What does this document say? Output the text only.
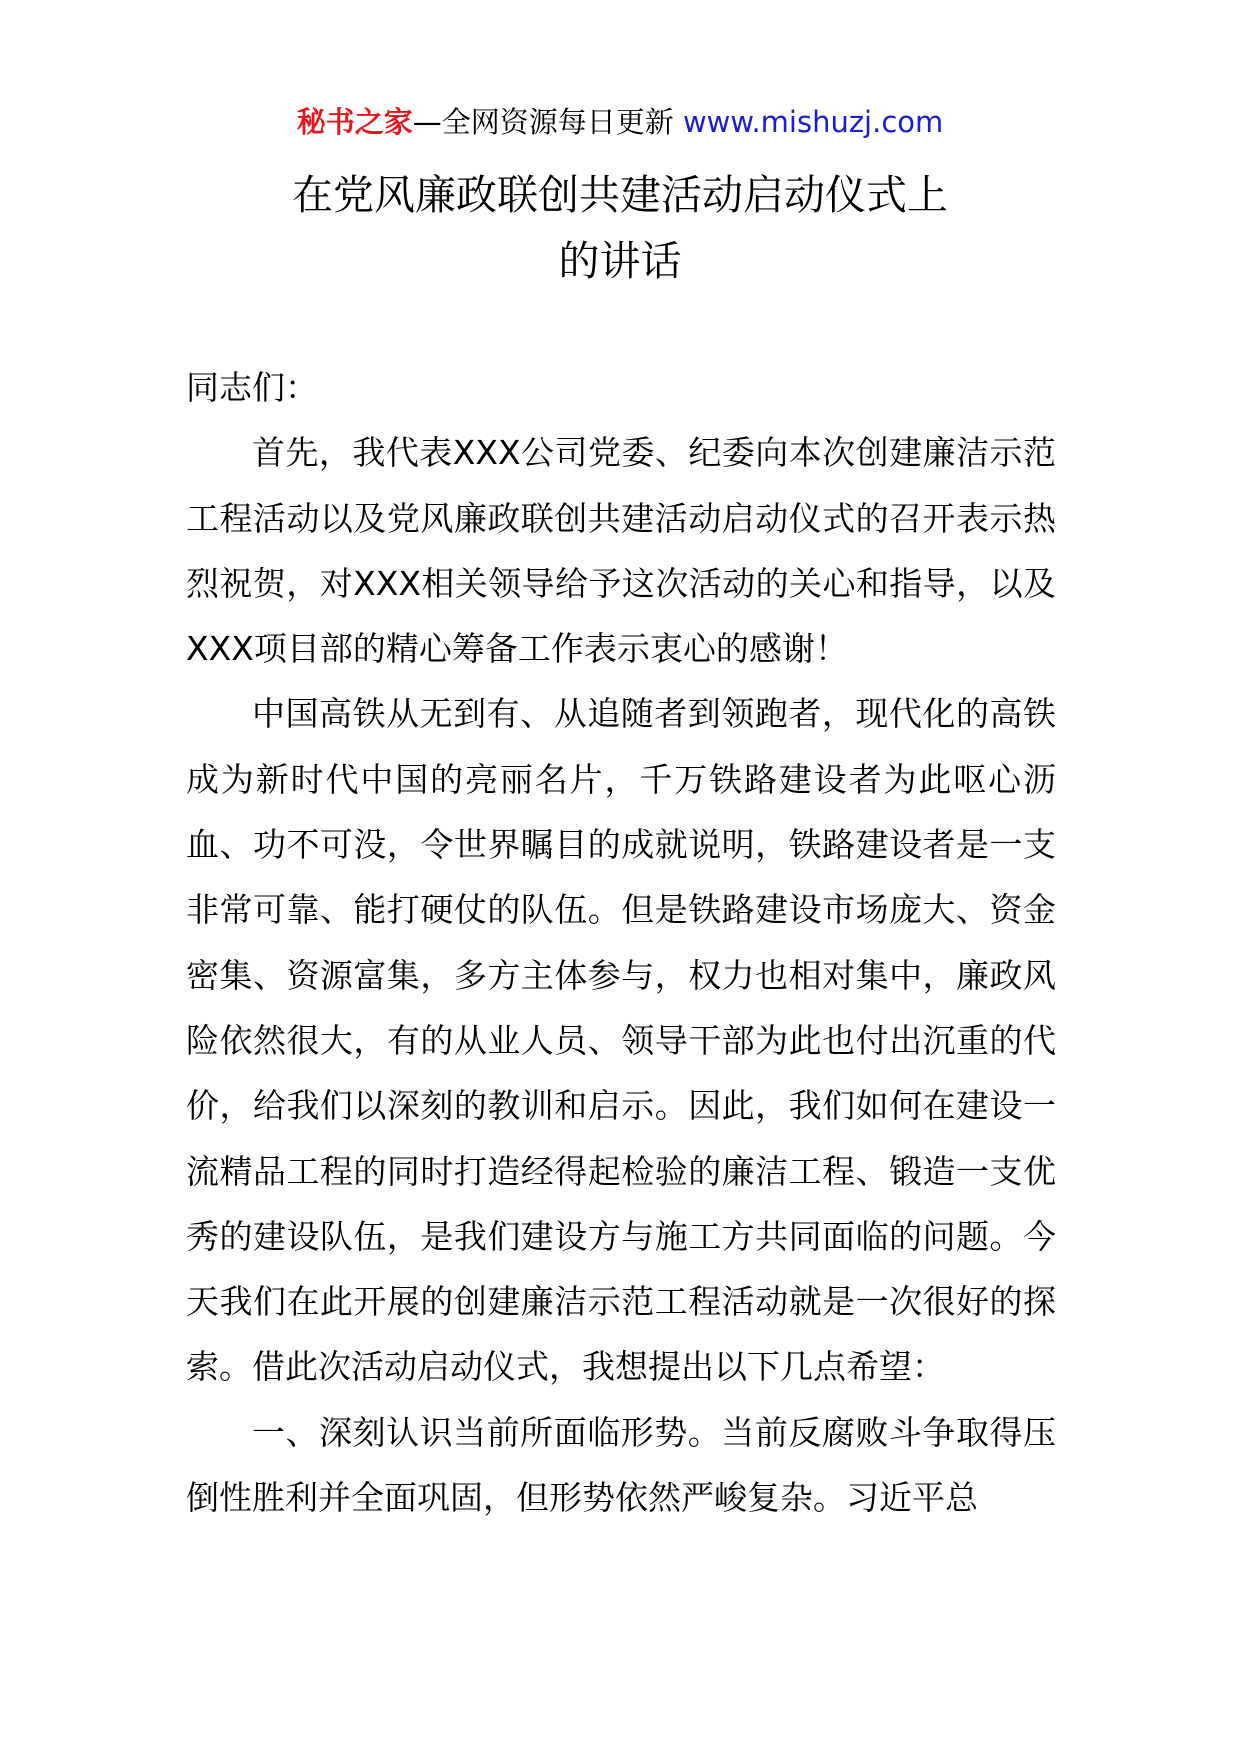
秘书之家—全网资源每日更新 www.mishuzj.com
在党风廉政联创共建活动启动仪式上
的讲话

同志们：

首先，我代表XXX公司党委、纪委向本次创建廉洁示范工程活动以及党风廉政联创共建活动启动仪式的召开表示热烈祝贺，对XXX相关领导给予这次活动的关心和指导，以及XXX项目部的精心筹备工作表示衷心的感谢！

中国高铁从无到有、从追随者到领跑者，现代化的高铁成为新时代中国的亮丽名片，千万铁路建设者为此呕心沥血、功不可没，令世界瞩目的成就说明，铁路建设者是一支非常可靠、能打硬仗的队伍。但是铁路建设市场庞大、资金密集、资源富集，多方主体参与，权力也相对集中，廉政风险依然很大，有的从业人员、领导干部为此也付出沉重的代价，给我们以深刻的教训和启示。因此，我们如何在建设一流精品工程的同时打造经得起检验的廉洁工程、锻造一支优秀的建设队伍，是我们建设方与施工方共同面临的问题。今天我们在此开展的创建廉洁示范工程活动就是一次很好的探索。借此次活动启动仪式，我想提出以下几点希望：

一、深刻认识当前所面临形势。当前反腐败斗争取得压倒性胜利并全面巩固，但形势依然严峻复杂。习近平总
